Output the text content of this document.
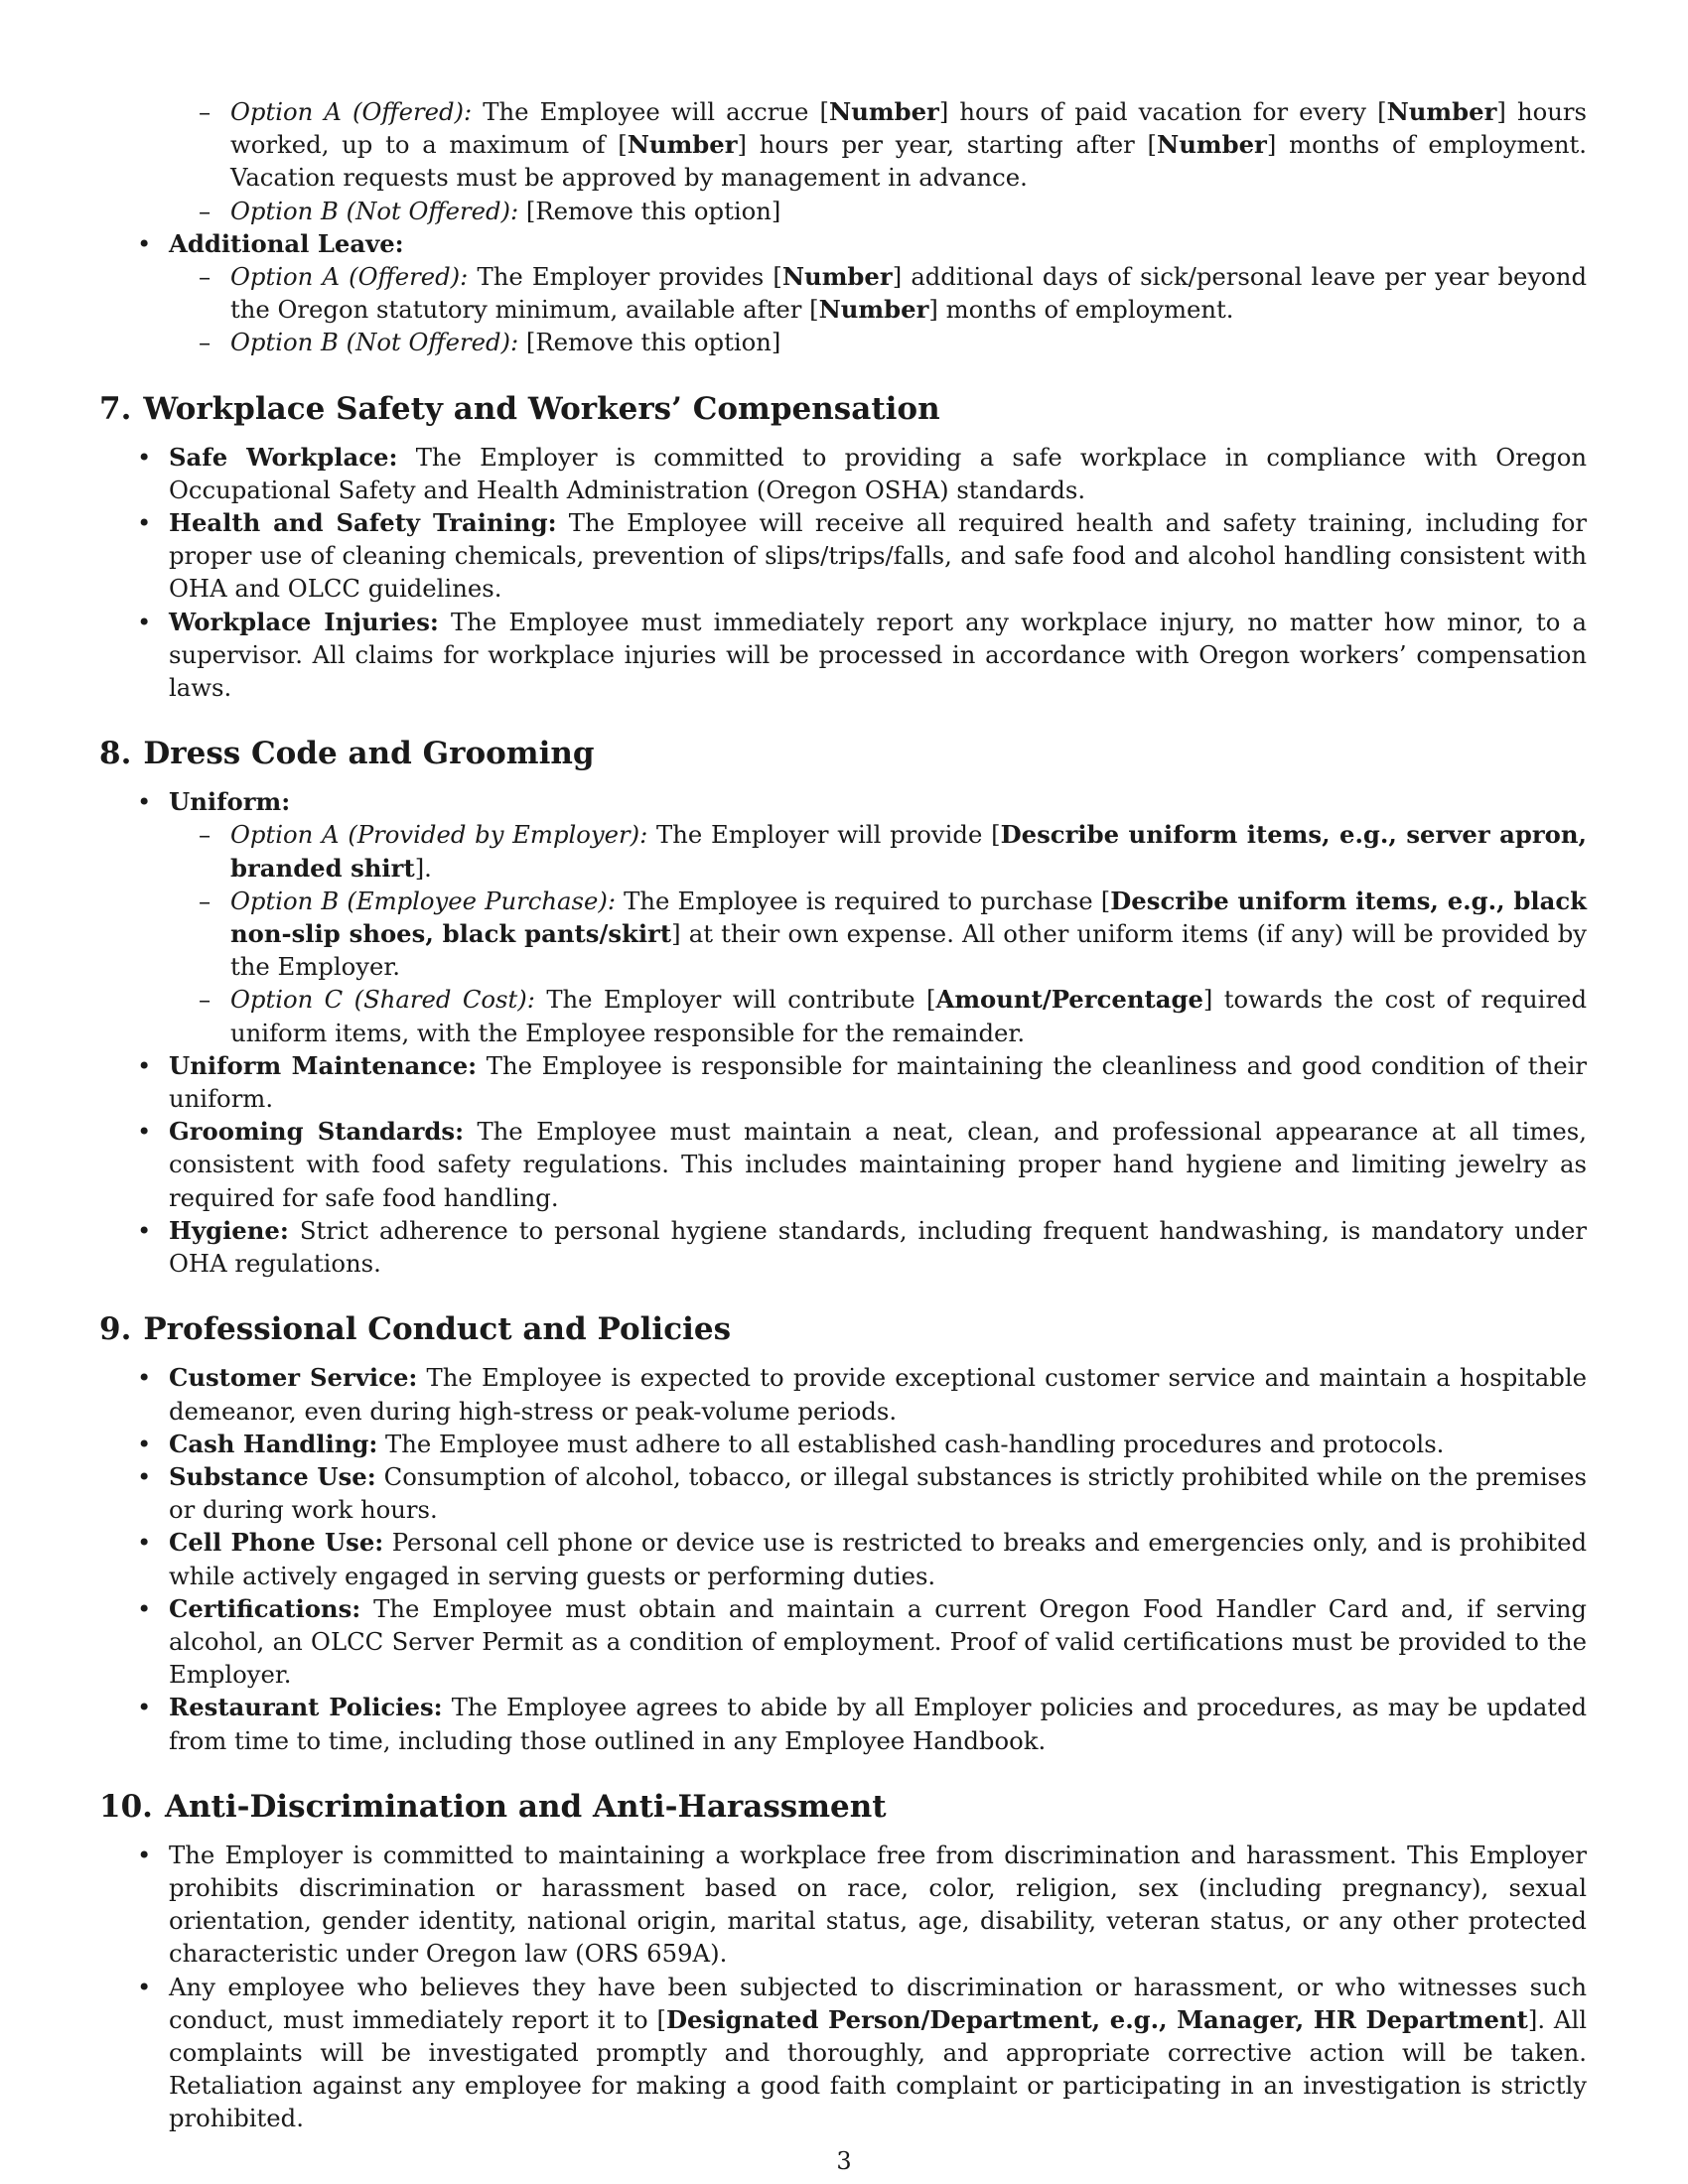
– Option A (Offered): The Employee will accrue [Number] hours of paid vacation for every [Number] hours worked, up to a maximum of [Number] hours per year, starting after [Number] months of employment. Vacation requests must be approved by management in advance.
– Option B (Not Offered): [Remove this option]
• Additional Leave:
– Option A (Offered): The Employer provides [Number] additional days of sick/personal leave per year beyond the Oregon statutory minimum, available after [Number] months of employment.
– Option B (Not Offered): [Remove this option]
7. Workplace Safety and Workers’ Compensation
• Safe Workplace: The Employer is committed to providing a safe workplace in compliance with Oregon Occupational Safety and Health Administration (Oregon OSHA) standards.
• Health and Safety Training: The Employee will receive all required health and safety training, including for proper use of cleaning chemicals, prevention of slips/trips/falls, and safe food and alcohol handling consistent with OHA and OLCC guidelines.
• Workplace Injuries: The Employee must immediately report any workplace injury, no matter how minor, to a supervisor. All claims for workplace injuries will be processed in accordance with Oregon workers’ compensation laws.
8. Dress Code and Grooming
• Uniform:
– Option A (Provided by Employer): The Employer will provide [Describe uniform items, e.g., server apron, branded shirt].
– Option B (Employee Purchase): The Employee is required to purchase [Describe uniform items, e.g., black non-slip shoes, black pants/skirt] at their own expense. All other uniform items (if any) will be provided by the Employer.
– Option C (Shared Cost): The Employer will contribute [Amount/Percentage] towards the cost of required uniform items, with the Employee responsible for the remainder.
• Uniform Maintenance: The Employee is responsible for maintaining the cleanliness and good condition of their uniform.
• Grooming Standards: The Employee must maintain a neat, clean, and professional appearance at all times, consistent with food safety regulations. This includes maintaining proper hand hygiene and limiting jewelry as required for safe food handling.
• Hygiene: Strict adherence to personal hygiene standards, including frequent handwashing, is mandatory under OHA regulations.
9. Professional Conduct and Policies
• Customer Service: The Employee is expected to provide exceptional customer service and maintain a hospitable demeanor, even during high-stress or peak-volume periods.
• Cash Handling: The Employee must adhere to all established cash-handling procedures and protocols.
• Substance Use: Consumption of alcohol, tobacco, or illegal substances is strictly prohibited while on the premises or during work hours.
• Cell Phone Use: Personal cell phone or device use is restricted to breaks and emergencies only, and is prohibited while actively engaged in serving guests or performing duties.
• Certifications: The Employee must obtain and maintain a current Oregon Food Handler Card and, if serving alcohol, an OLCC Server Permit as a condition of employment. Proof of valid certifications must be provided to the Employer.
• Restaurant Policies: The Employee agrees to abide by all Employer policies and procedures, as may be updated from time to time, including those outlined in any Employee Handbook.
10. Anti-Discrimination and Anti-Harassment
• The Employer is committed to maintaining a workplace free from discrimination and harassment. This Employer prohibits discrimination or harassment based on race, color, religion, sex (including pregnancy), sexual orientation, gender identity, national origin, marital status, age, disability, veteran status, or any other protected characteristic under Oregon law (ORS 659A).
• Any employee who believes they have been subjected to discrimination or harassment, or who witnesses such conduct, must immediately report it to [Designated Person/Department, e.g., Manager, HR Department]. All complaints will be investigated promptly and thoroughly, and appropriate corrective action will be taken. Retaliation against any employee for making a good faith complaint or participating in an investigation is strictly prohibited.
3
